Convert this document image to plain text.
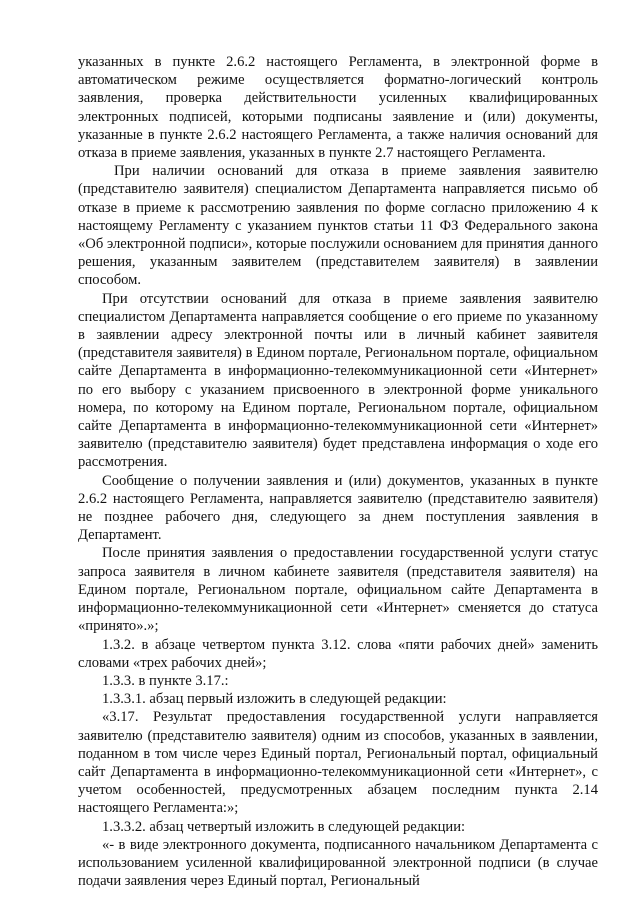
указанных в пункте 2.6.2 настоящего Регламента, в электронной форме в автоматическом режиме осуществляется форматно-логический контроль заявления, проверка действительности усиленных квалифицированных электронных подписей, которыми подписаны заявление и (или) документы, указанные в пункте 2.6.2 настоящего Регламента, а также наличия оснований для отказа в приеме заявления, указанных в пункте 2.7 настоящего Регламента.

При наличии оснований для отказа в приеме заявления заявителю (представителю заявителя) специалистом Департамента направляется письмо об отказе в приеме к рассмотрению заявления по форме согласно приложению 4 к настоящему Регламенту с указанием пунктов статьи 11 ФЗ Федерального закона «Об электронной подписи», которые послужили основанием для принятия данного решения, указанным заявителем (представителем заявителя) в заявлении способом.

При отсутствии оснований для отказа в приеме заявления заявителю специалистом Департамента направляется сообщение о его приеме по указанному в заявлении адресу электронной почты или в личный кабинет заявителя (представителя заявителя) в Едином портале, Региональном портале, официальном сайте Департамента в информационно-телекоммуникационной сети «Интернет» по его выбору с указанием присвоенного в электронной форме уникального номера, по которому на Едином портале, Региональном портале, официальном сайте Департамента в информационно-телекоммуникационной сети «Интернет» заявителю (представителю заявителя) будет представлена информация о ходе его рассмотрения.

Сообщение о получении заявления и (или) документов, указанных в пункте 2.6.2 настоящего Регламента, направляется заявителю (представителю заявителя) не позднее рабочего дня, следующего за днем поступления заявления в Департамент.

После принятия заявления о предоставлении государственной услуги статус запроса заявителя в личном кабинете заявителя (представителя заявителя) на Едином портале, Региональном портале, официальном сайте Департамента в информационно-телекоммуникационной сети «Интернет» сменяется до статуса «принято».»;

1.3.2. в абзаце четвертом пункта 3.12. слова «пяти рабочих дней» заменить словами «трех рабочих дней»;

1.3.3. в пункте 3.17.:

1.3.3.1. абзац первый изложить в следующей редакции:

«3.17. Результат предоставления государственной услуги направляется заявителю (представителю заявителя) одним из способов, указанных в заявлении, поданном в том числе через Единый портал, Региональный портал, официальный сайт Департамента в информационно-телекоммуникационной сети «Интернет», с учетом особенностей, предусмотренных абзацем последним пункта 2.14 настоящего Регламента:»;

1.3.3.2. абзац четвертый изложить в следующей редакции:

«- в виде электронного документа, подписанного начальником Департамента с использованием усиленной квалифицированной электронной подписи (в случае подачи заявления через Единый портал, Региональный
